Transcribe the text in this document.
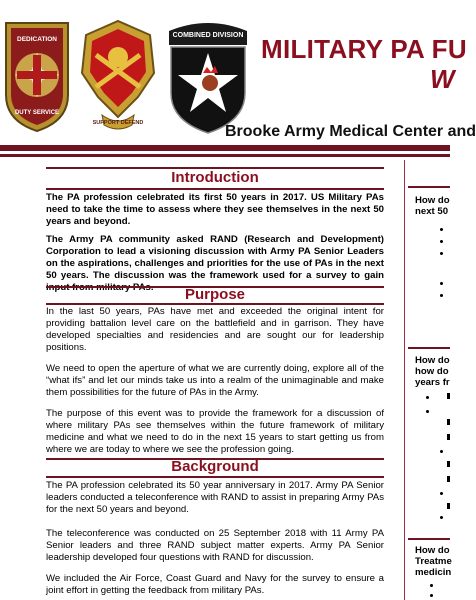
DEDICATION
DUTY SERVICE
SUPPORT DEFEND
COMBINED DIVISION MILITARY PA FU
W
Brooke Army Medical Center and
Introduction
The PA profession celebrated its first 50 years in 2017. US Military PAs need to take the time to assess where they see themselves in the next 50 years and beyond.
The Army PA community asked RAND (Research and Development) Corporation to lead a visioning discussion with Army PA Senior Leaders on the aspirations, challenges and priorities for the use of PAs in the next 50 years. The discussion was the framework used for a survey to gain
Purpose
In the last 50 years, PAs have met and exceeded the original intent for providing battalion level care on the battlefield and in garrison. They have developed specialties and residencies and are sought our for leadership positions.
We need to open the aperture of what we are currently doing, explore all of the “what ifs” and let our minds take us into a realm of the unimaginable and make them possibilities for the future of PAs in the Army.
The purpose of this event was to provide the framework for a discussion of where military PAs see themselves within the future framework of military medicine and what we need to do in the next 15 years to start getting us from where we are today to where we see the profession going.
Background
The PA profession celebrated its 50 year anniversary in 2017. Army PA Senior leaders conducted a teleconference with RAND to assist in preparing Army PAs for the next 50 years and beyond.
The teleconference was conducted on 25 September 2018 with 11 Army PA Senior leaders and three RAND subject matter experts. Army PA Senior leadership developed four questions with RAND for discussion.
We included the Air Force, Coast Guard and Navy for the survey to ensure a joint effort in getting the feedback from military PAs.
How do
next 50
How do
how do
years fr
How do
Treatme
medicin
